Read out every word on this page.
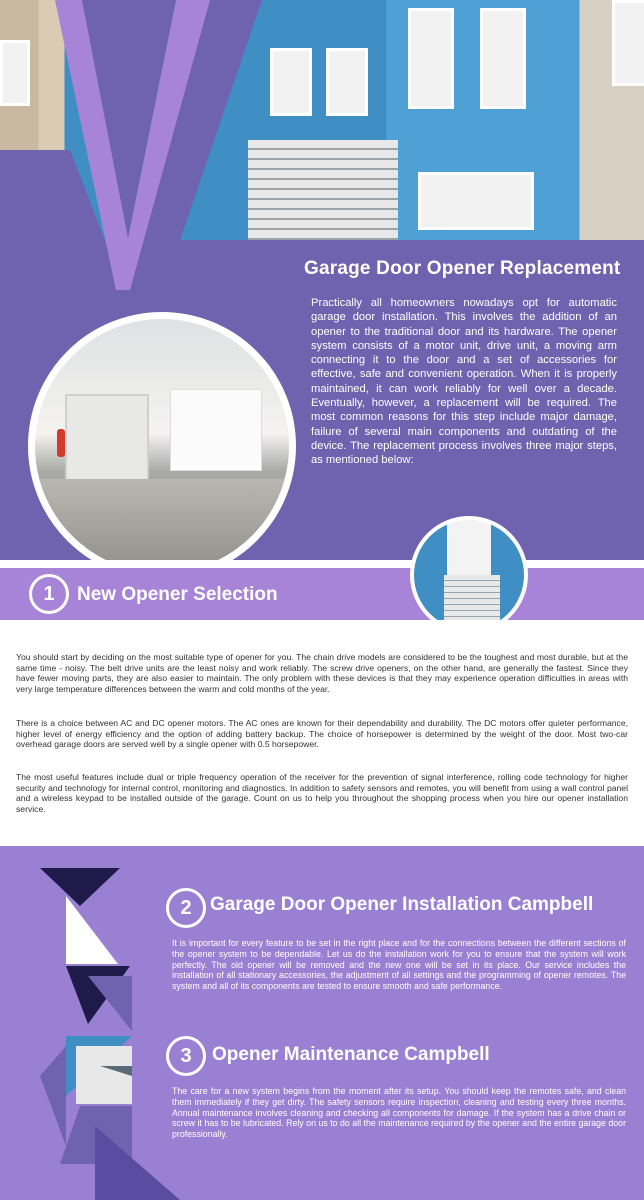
Garage Door Opener Replacement
Practically all homeowners nowadays opt for automatic garage door installation. This involves the addition of an opener to the traditional door and its hardware. The opener system consists of a motor unit, drive unit, a moving arm connecting it to the door and a set of accessories for effective, safe and convenient operation. When it is properly maintained, it can work reliably for well over a decade. Eventually, however, a replacement will be required. The most common reasons for this step include major damage, failure of several main components and outdating of the device. The replacement process involves three major steps, as mentioned below:
1	New Opener Selection

You should start by deciding on the most suitable type of opener for you. The chain drive models are considered to be the toughest and most durable, but at the same time - noisy. The belt drive units are the least noisy and work reliably. The screw drive openers, on the other hand, are generally the fastest. Since they have fewer moving parts, they are also easier to maintain. The only problem with these devices is that they may experience operation difficulties in areas with very large temperature differences between the warm and cold months of the year.

There is a choice between AC and DC opener motors. The AC ones are known for their dependability and durability. The DC motors offer quieter performance, higher level of energy efficiency and the option of adding battery backup. The choice of horsepower is determined by the weight of the door. Most two-car overhead garage doors are served well by a single opener with 0.5 horsepower.

The most useful features include dual or triple frequency operation of the receiver for the prevention of signal interference, rolling code technology for higher security and technology for internal control, monitoring and diagnostics. In addition to safety sensors and remotes, you will benefit from using a wall control panel and a wireless keypad to be installed outside of the garage. Count on us to help you throughout the shopping process when you hire our opener installation service.

2 Garage Door Opener Installation Campbell

It is important for every feature to be set in the right place and for the connections between the different sections of the opener system to be dependable. Let us do the installation work for you to ensure that the system will work perfectly. The old opener will be removed and the new one will be set in its place. Our service includes the installation of all stationary accessories, the adjustment of all settings and the programming of opener remotes. The system and all of its components are tested to ensure smooth and safe performance.

3	Opener Maintenance Campbell

The care for a new system begins from the moment after its setup. You should keep the remotes safe, and clean them immediately if they get dirty. The safety sensors require inspection, cleaning and testing every three months. Annual maintenance involves cleaning and checking all components for damage. If the system has a drive chain or screw it has to be lubricated. Rely on us to do all the maintenance required by the opener and the entire garage door professionally.
